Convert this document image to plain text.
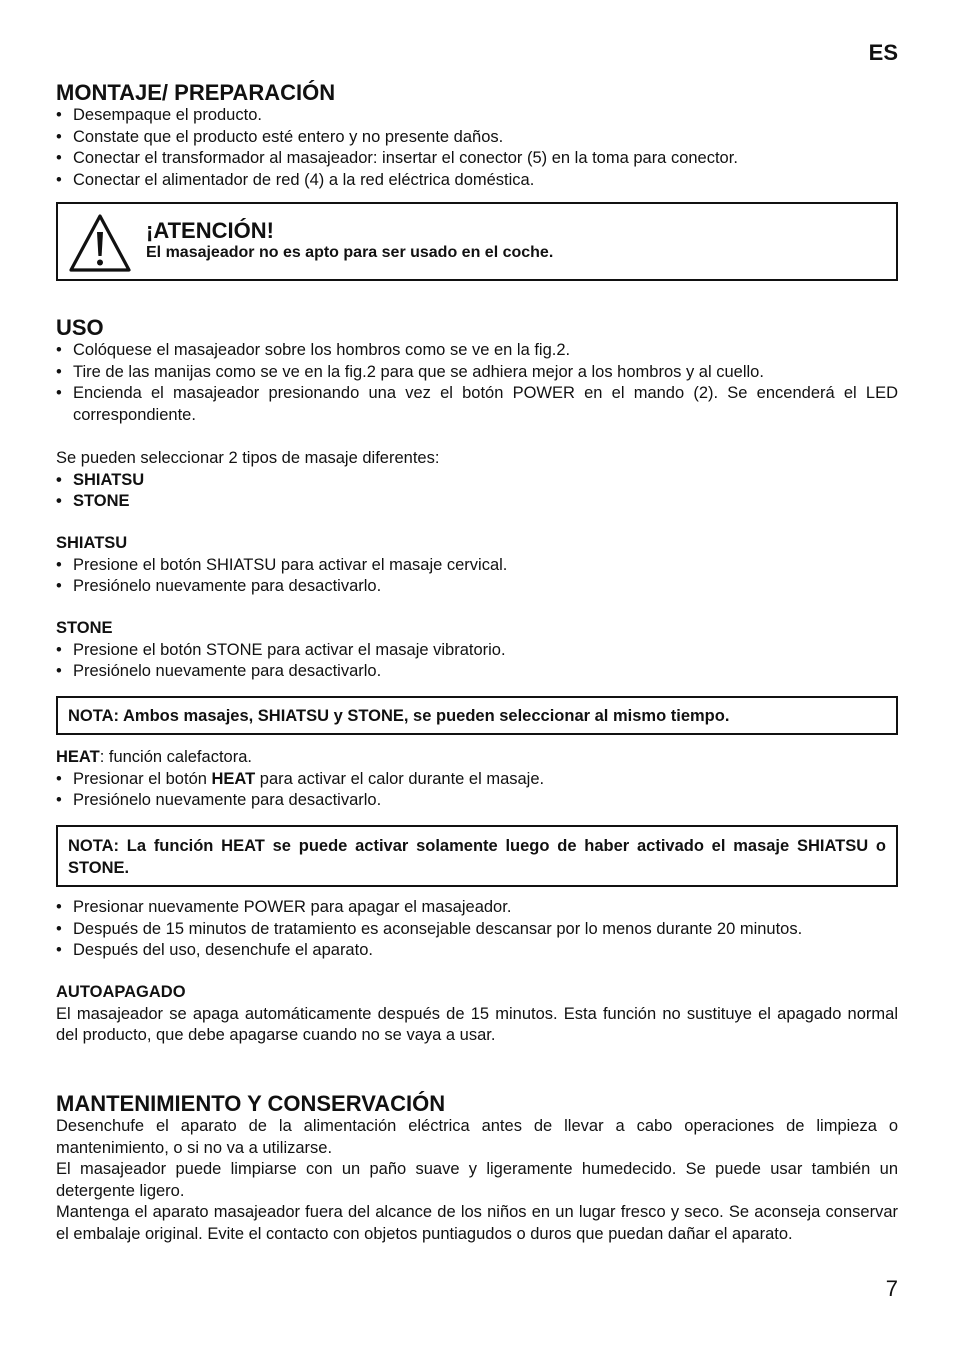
ES
MONTAJE/ PREPARACIÓN
• Desempaque el producto.
• Constate que el producto esté entero y no presente daños.
• Conectar el transformador al masajeador: insertar el conector (5) en la toma para conector.
• Conectar el alimentador de red (4) a la red eléctrica doméstica.
¡ATENCIÓN!
El masajeador no es apto para ser usado en el coche.
USO
• Colóquese el masajeador sobre los hombros como se ve en la fig.2.
• Tire de las manijas como se ve en la fig.2 para que se adhiera mejor a los hombros y al cuello.
• Encienda el masajeador presionando una vez el botón POWER en el mando (2). Se encenderá el LED correspondiente.
Se pueden seleccionar 2 tipos de masaje diferentes:
• SHIATSU
• STONE
SHIATSU
• Presione el botón SHIATSU para activar el masaje cervical.
• Presiónelo nuevamente para desactivarlo.
STONE
• Presione el botón STONE para activar el masaje vibratorio.
• Presiónelo nuevamente para desactivarlo.
NOTA: Ambos masajes, SHIATSU y STONE, se pueden seleccionar al mismo tiempo.
HEAT: función calefactora.
• Presionar el botón HEAT para activar el calor durante el masaje.
• Presiónelo nuevamente para desactivarlo.
NOTA: La función HEAT se puede activar solamente luego de haber activado el masaje SHIATSU o STONE.
• Presionar nuevamente POWER para apagar el masajeador.
• Después de 15 minutos de tratamiento es aconsejable descansar por lo menos durante 20 minutos.
• Después del uso, desenchufe el aparato.
AUTOAPAGADO
El masajeador se apaga automáticamente después de 15 minutos. Esta función no sustituye el apagado normal del producto, que debe apagarse cuando no se vaya a usar.
MANTENIMIENTO Y CONSERVACIÓN
Desenchufe el aparato de la alimentación eléctrica antes de llevar a cabo operaciones de limpieza o mantenimiento, o si no va a utilizarse.
El masajeador puede limpiarse con un paño suave y ligeramente humedecido. Se puede usar también un detergente ligero.
Mantenga el aparato masajeador fuera del alcance de los niños en un lugar fresco y seco. Se aconseja conservar el embalaje original. Evite el contacto con objetos puntiagudos o duros que puedan dañar el aparato.
7
